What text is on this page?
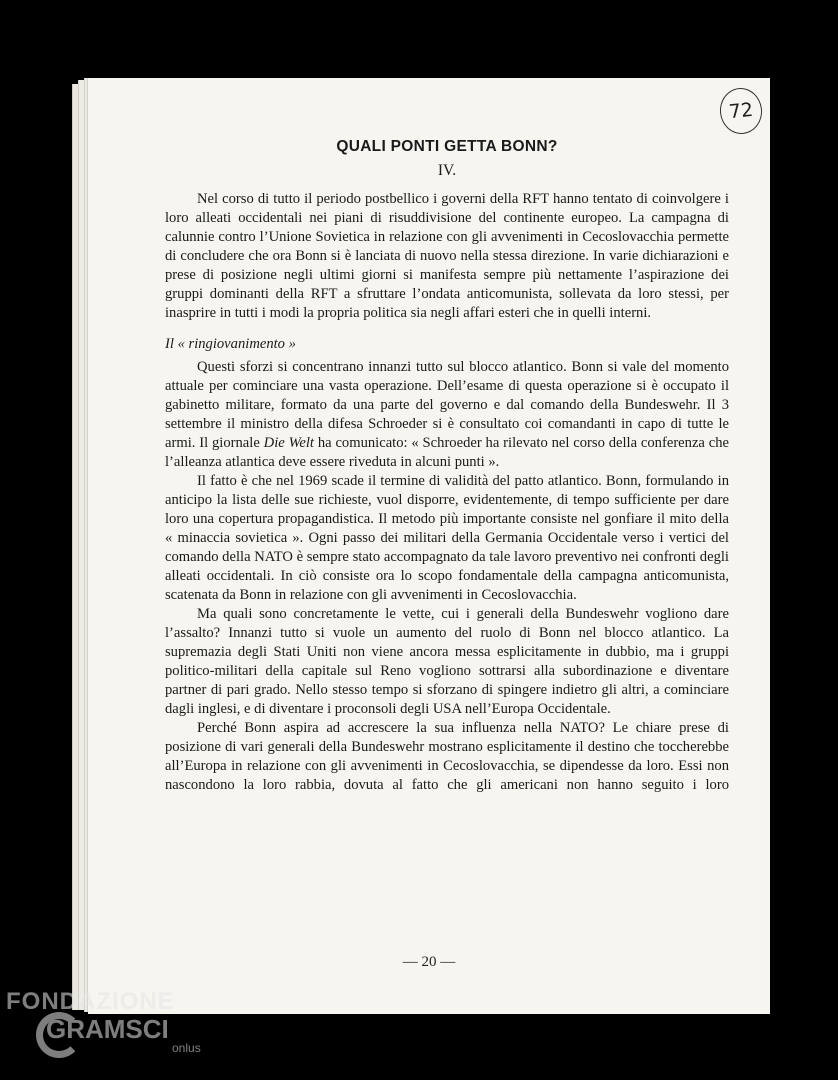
72
QUALI PONTI GETTA BONN?
IV.

Nel corso di tutto il periodo postbellico i governi della RFT hanno tentato di coinvolgere i loro alleati occidentali nei piani di risuddivisione del continente europeo. La campagna di calunnie contro l’Unione Sovietica in relazione con gli avvenimenti in Cecoslovacchia permette di concludere che ora Bonn si è lanciata di nuovo nella stessa direzione. In varie dichiarazioni e prese di posizione negli ultimi giorni si manifesta sempre più nettamente l’aspirazione dei gruppi dominanti della RFT a sfruttare l’ondata anticomunista, sollevata da loro stessi, per inasprire in tutti i modi la propria politica sia negli affari esteri che in quelli interni.

Il « ringiovanimento »

Questi sforzi si concentrano innanzi tutto sul blocco atlantico. Bonn si vale del momento attuale per cominciare una vasta operazione. Dell’esame di questa operazione si è occupato il gabinetto militare, formato da una parte del governo e dal comando della Bundeswehr. Il 3 settembre il ministro della difesa Schroeder si è consultato coi comandanti in capo di tutte le armi. Il giornale Die Welt ha comunicato: « Schroeder ha rilevato nel corso della conferenza che l’alleanza atlantica deve essere riveduta in alcuni punti ».

Il fatto è che nel 1969 scade il termine di validità del patto atlantico. Bonn, formulando in anticipo la lista delle sue richieste, vuol disporre, evidentemente, di tempo sufficiente per dare loro una copertura propagandistica. Il metodo più importante consiste nel gonfiare il mito della « minaccia sovietica ». Ogni passo dei militari della Germania Occidentale verso i vertici del comando della NATO è sempre stato accompagnato da tale lavoro preventivo nei confronti degli alleati occidentali. In ciò consiste ora lo scopo fondamentale della campagna anticomunista, scatenata da Bonn in relazione con gli avvenimenti in Cecoslovacchia.

Ma quali sono concretamente le vette, cui i generali della Bundeswehr vogliono dare l’assalto? Innanzi tutto si vuole un aumento del ruolo di Bonn nel blocco atlantico. La supremazia degli Stati Uniti non viene ancora messa esplicitamente in dubbio, ma i gruppi politico-militari della capitale sul Reno vogliono sottrarsi alla subordinazione e diventare partner di pari grado. Nello stesso tempo si sforzano di spingere indietro gli altri, a cominciare dagli inglesi, e di diventare i proconsoli degli USA nell’Europa Occidentale.

Perché Bonn aspira ad accrescere la sua influenza nella NATO? Le chiare prese di posizione di vari generali della Bundeswehr mostrano esplicitamente il destino che toccherebbe all’Europa in relazione con gli avvenimenti in Cecoslovacchia, se dipendesse da loro. Essi non nascondono la loro rabbia, dovuta al fatto che gli americani non hanno seguito i loro

— 20 —
FONDAZIONE
GRAMSCI
onlus
